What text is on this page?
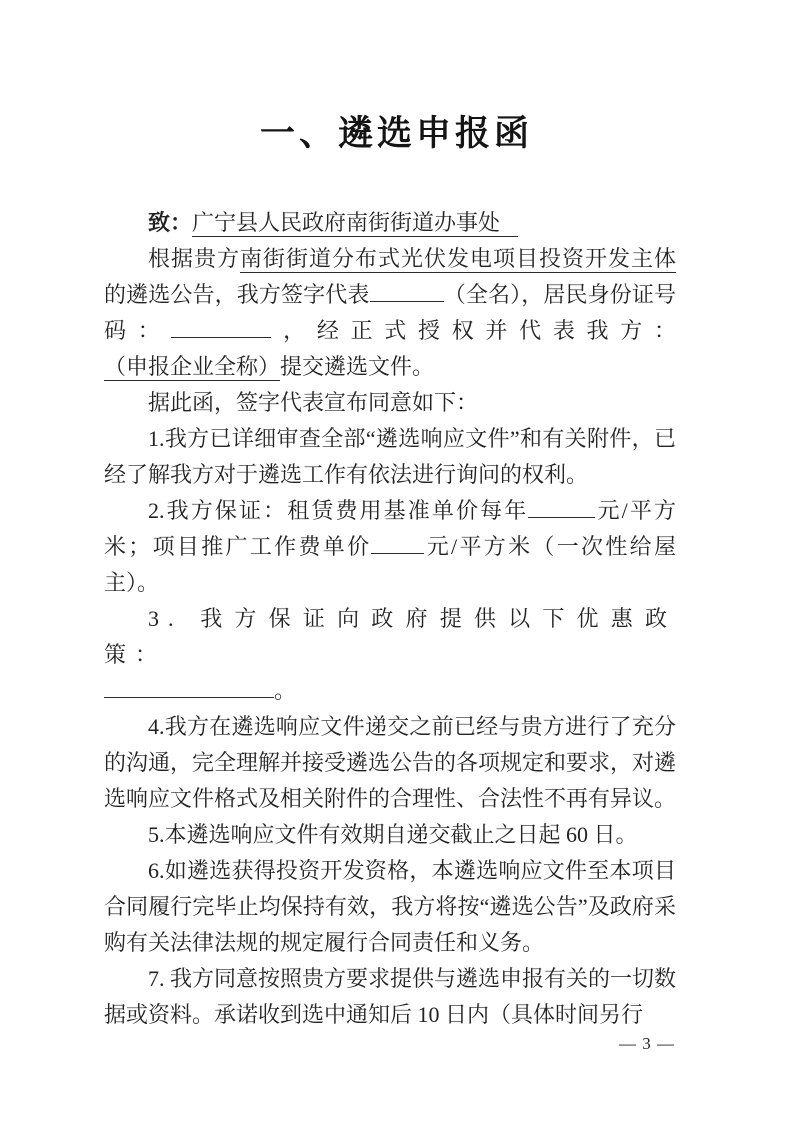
一、遴选申报函

致：广宁县人民政府南街街道办事处

根据贵方南街街道分布式光伏发电项目投资开发主体的遴选公告，我方签字代表	（全名），居民身份证号码：	，经正式授权并代表我方：（申报企业全称）提交遴选文件。

据此函，签字代表宣布同意如下：

1.我方已详细审查全部“遴选响应文件”和有关附件，已经了解我方对于遴选工作有依法进行询问的权利。

2.我方保证：租赁费用基准单价每年	元/平方米；项目推广工作费单价 元/平方米（一次性给屋主）。

3. 我方保证向政府提供以下优惠政策：
。

4.我方在遴选响应文件递交之前已经与贵方进行了充分的沟通，完全理解并接受遴选公告的各项规定和要求，对遴选响应文件格式及相关附件的合理性、合法性不再有异议。

5.本遴选响应文件有效期自递交截止之日起 60 日。

6.如遴选获得投资开发资格，本遴选响应文件至本项目合同履行完毕止均保持有效，我方将按“遴选公告”及政府采购有关法律法规的规定履行合同责任和义务。

7. 我方同意按照贵方要求提供与遴选申报有关的一切数据或资料。承诺收到选中通知后 10 日内（具体时间另行

— 3 —
